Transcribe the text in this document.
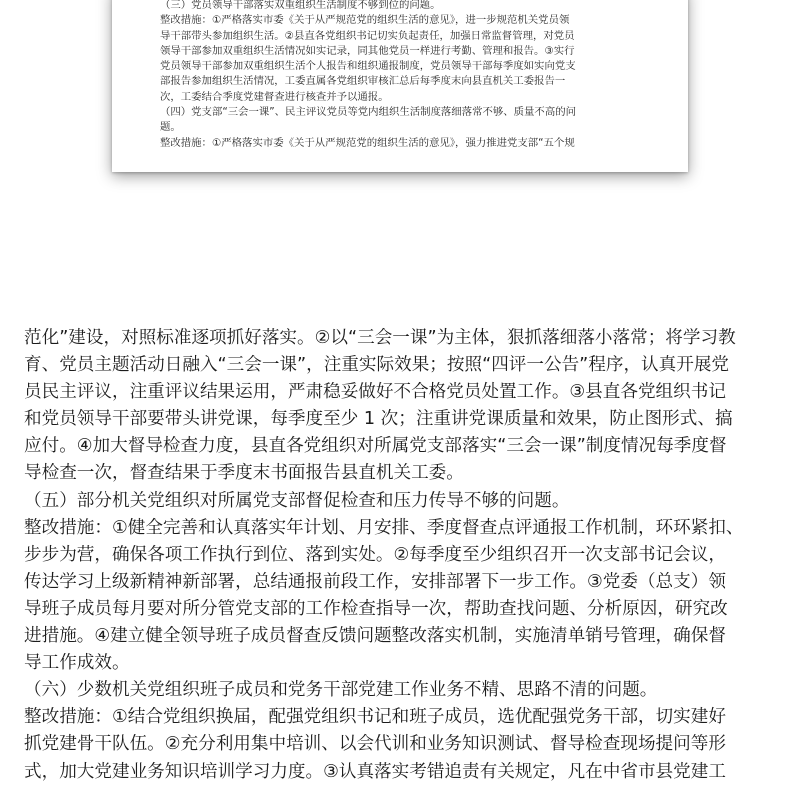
（三）党员领导干部落实双重组织生活制度不够到位的问题。
整改措施：①严格落实市委《关于从严规范党的组织生活的意见》，进一步规范机关党员领
导干部带头参加组织生活。②县直各党组织书记切实负起责任，加强日常监督管理，对党员
领导干部参加双重组织生活情况如实记录，同其他党员一样进行考勤、管理和报告。③实行
党员领导干部参加双重组织生活个人报告和组织通报制度，党员领导干部每季度如实向党支
部报告参加组织生活情况，工委直属各党组织审核汇总后每季度末向县直机关工委报告一
次，工委结合季度党建督查进行核查并予以通报。
（四）党支部“三会一课”、民主评议党员等党内组织生活制度落细落常不够、质量不高的问
题。
整改措施：①严格落实市委《关于从严规范党的组织生活的意见》，强力推进党支部“五个规
范化”建设，对照标准逐项抓好落实。②以“三会一课”为主体，狠抓落细落小落常；将学习教
育、党员主题活动日融入“三会一课”，注重实际效果；按照“四评一公告”程序，认真开展党
员民主评议，注重评议结果运用，严肃稳妥做好不合格党员处置工作。③县直各党组织书记
和党员领导干部要带头讲党课，每季度至少 1 次；注重讲党课质量和效果，防止图形式、搞
应付。④加大督导检查力度，县直各党组织对所属党支部落实“三会一课”制度情况每季度督
导检查一次，督查结果于季度末书面报告县直机关工委。
（五）部分机关党组织对所属党支部督促检查和压力传导不够的问题。
整改措施：①健全完善和认真落实年计划、月安排、季度督查点评通报工作机制，环环紧扣、
步步为营，确保各项工作执行到位、落到实处。②每季度至少组织召开一次支部书记会议，
传达学习上级新精神新部署，总结通报前段工作，安排部署下一步工作。③党委（总支）领
导班子成员每月要对所分管党支部的工作检查指导一次，帮助查找问题、分析原因，研究改
进措施。④建立健全领导班子成员督查反馈问题整改落实机制，实施清单销号管理，确保督
导工作成效。
（六）少数机关党组织班子成员和党务干部党建工作业务不精、思路不清的问题。
整改措施：①结合党组织换届，配强党组织书记和班子成员，选优配强党务干部，切实建好
抓党建骨干队伍。②充分利用集中培训、以会代训和业务知识测试、督导检查现场提问等形
式，加大党建业务知识培训学习力度。③认真落实考错追责有关规定，凡在中省市县党建工
